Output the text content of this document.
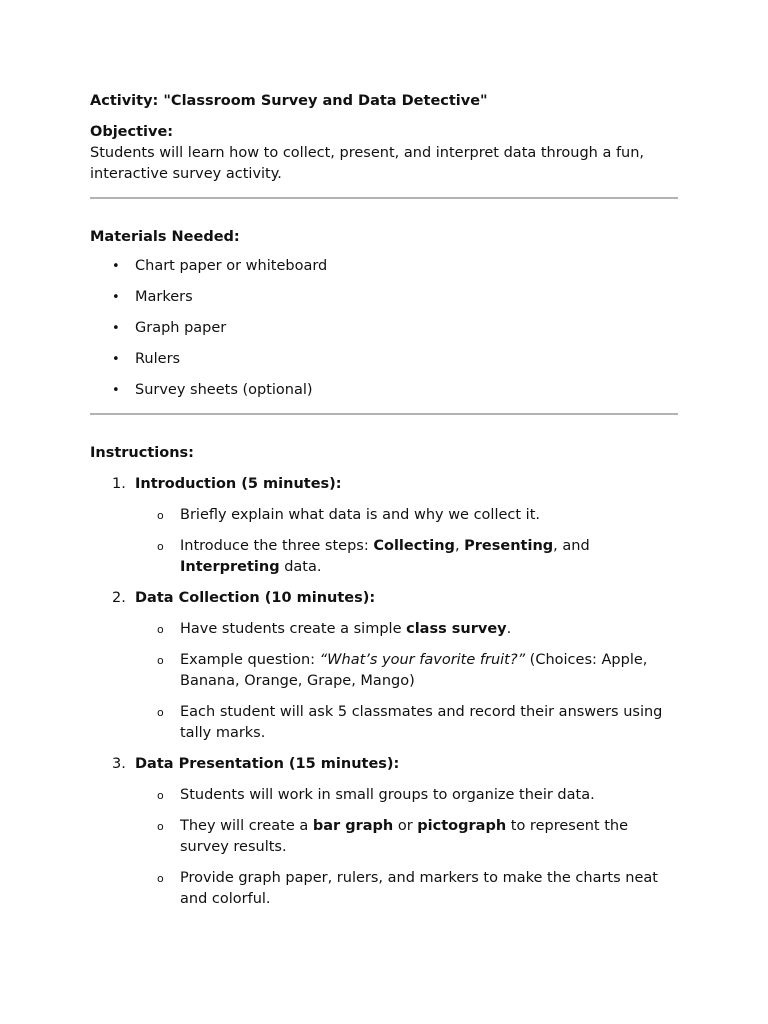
Activity: "Classroom Survey and Data Detective"

Objective:

Students will learn how to collect, present, and interpret data through a fun, interactive survey activity.

Materials Needed:

• Chart paper or whiteboard
• Markers
• Graph paper
• Rulers
• Survey sheets (optional)

Instructions:

1. Introduction (5 minutes):
o Briefly explain what data is and why we collect it.
o Introduce the three steps: Collecting, Presenting, and Interpreting data.
2. Data Collection (10 minutes):
o Have students create a simple class survey.
o Example question: “What’s your favorite fruit?” (Choices: Apple, Banana, Orange, Grape, Mango)
o Each student will ask 5 classmates and record their answers using tally marks.
3. Data Presentation (15 minutes):
o Students will work in small groups to organize their data.
o They will create a bar graph or pictograph to represent the survey results.
o Provide graph paper, rulers, and markers to make the charts neat and colorful.
